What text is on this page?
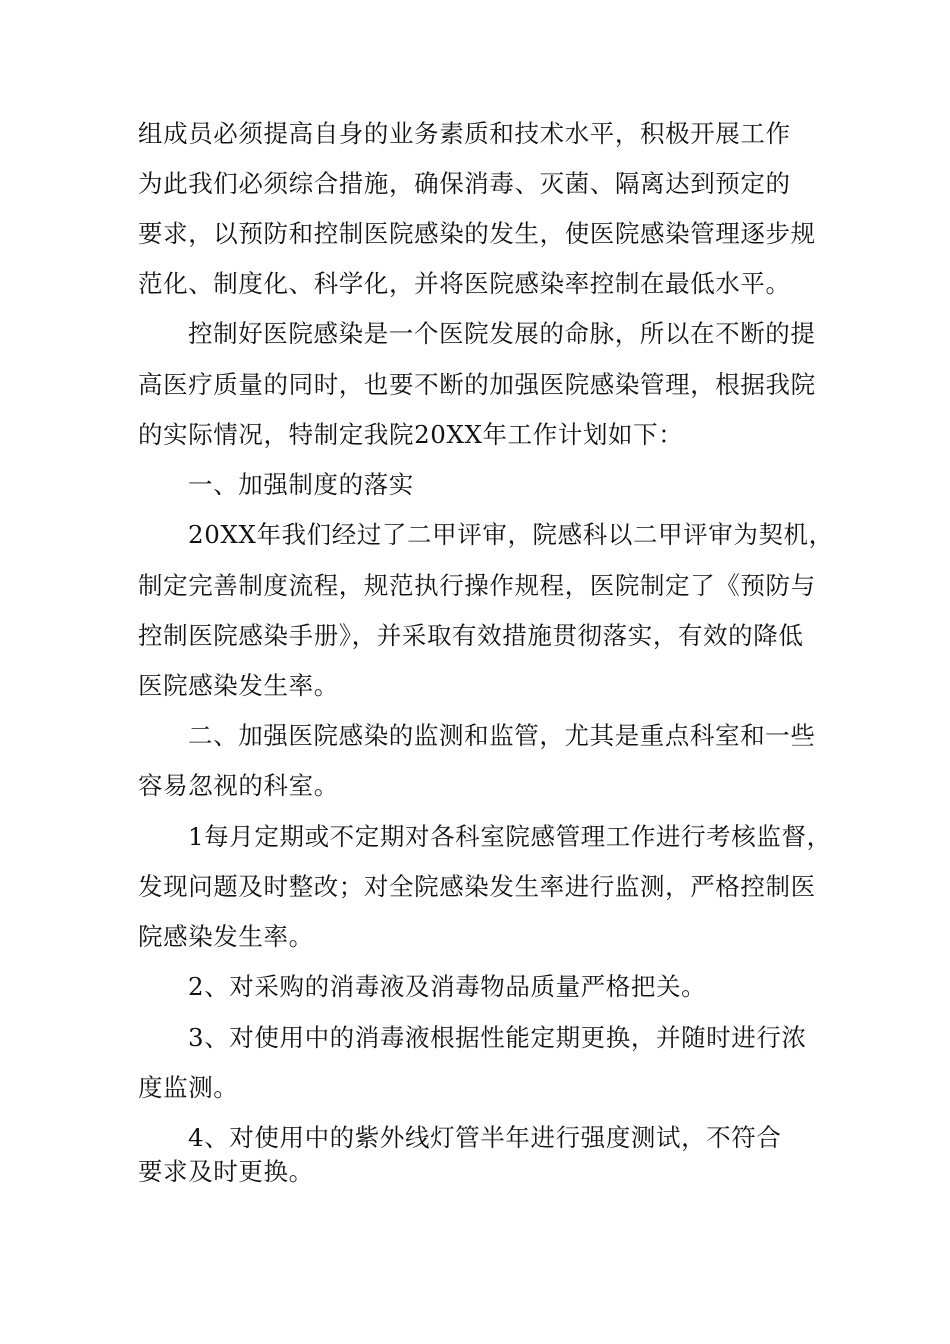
组成员必须提高自身的业务素质和技术水平，积极开展工作
为此我们必须综合措施，确保消毒、灭菌、隔离达到预定的
要求，以预防和控制医院感染的发生，使医院感染管理逐步规
范化、制度化、科学化，并将医院感染率控制在最低水平。
控制好医院感染是一个医院发展的命脉，所以在不断的提
高医疗质量的同时，也要不断的加强医院感染管理，根据我院
的实际情况，特制定我院20XX年工作计划如下：
一、加强制度的落实
20XX年我们经过了二甲评审，院感科以二甲评审为契机，
制定完善制度流程，规范执行操作规程，医院制定了《预防与
控制医院感染手册》，并采取有效措施贯彻落实，有效的降低
医院感染发生率。
二、加强医院感染的监测和监管，尤其是重点科室和一些
容易忽视的科室。
1每月定期或不定期对各科室院感管理工作进行考核监督，
发现问题及时整改；对全院感染发生率进行监测，严格控制医
院感染发生率。
2、对采购的消毒液及消毒物品质量严格把关。
3、对使用中的消毒液根据性能定期更换，并随时进行浓
度监测。
4、对使用中的紫外线灯管半年进行强度测试，不符合
要求及时更换。
